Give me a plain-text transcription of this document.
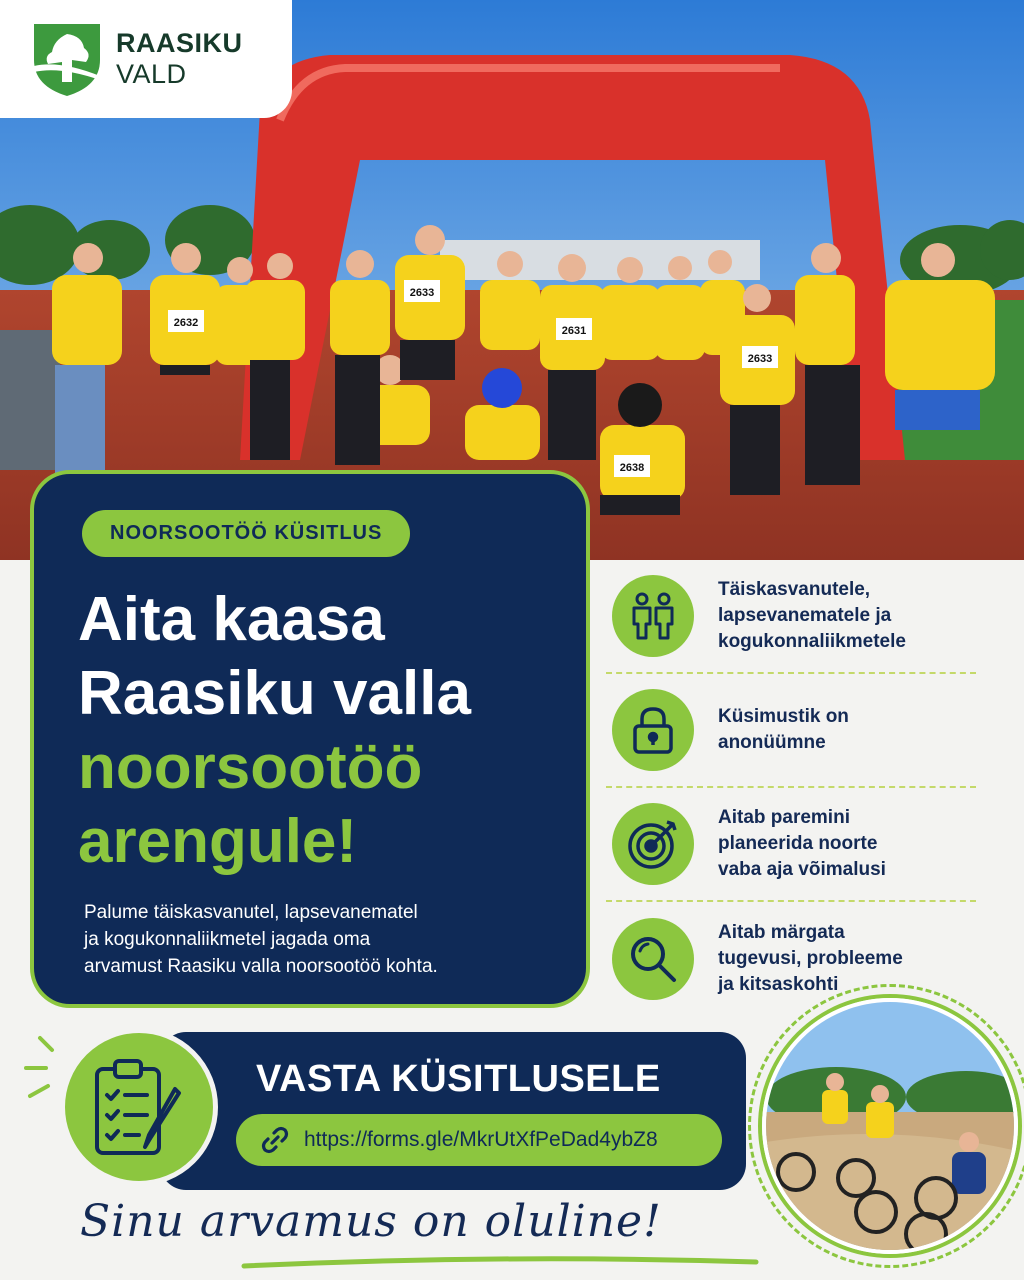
2632
2633
2631
2633
2638
RAASIKU
VALD
NOORSOOTÖÖ KÜSITLUS
Aita kaasa
Raasiku valla
noorsootöö
arengule!

Palume täiskasvanutel, lapsevanematel
ja kogukonnaliikmetel jagada oma
arvamust Raasiku valla noorsootöö kohta.

Täiskasvanutele,
lapsevanematele ja
kogukonnaliikmetele
Küsimustik on
anonüümne
Aitab paremini
planeerida noorte
vaba aja võimalusi
Aitab märgata
tugevusi, probleeme
ja kitsaskohti
VASTA KÜSITLUSELE
https://forms.gle/MkrUtXfPeDad4ybZ8
Sinu arvamus on oluline!
